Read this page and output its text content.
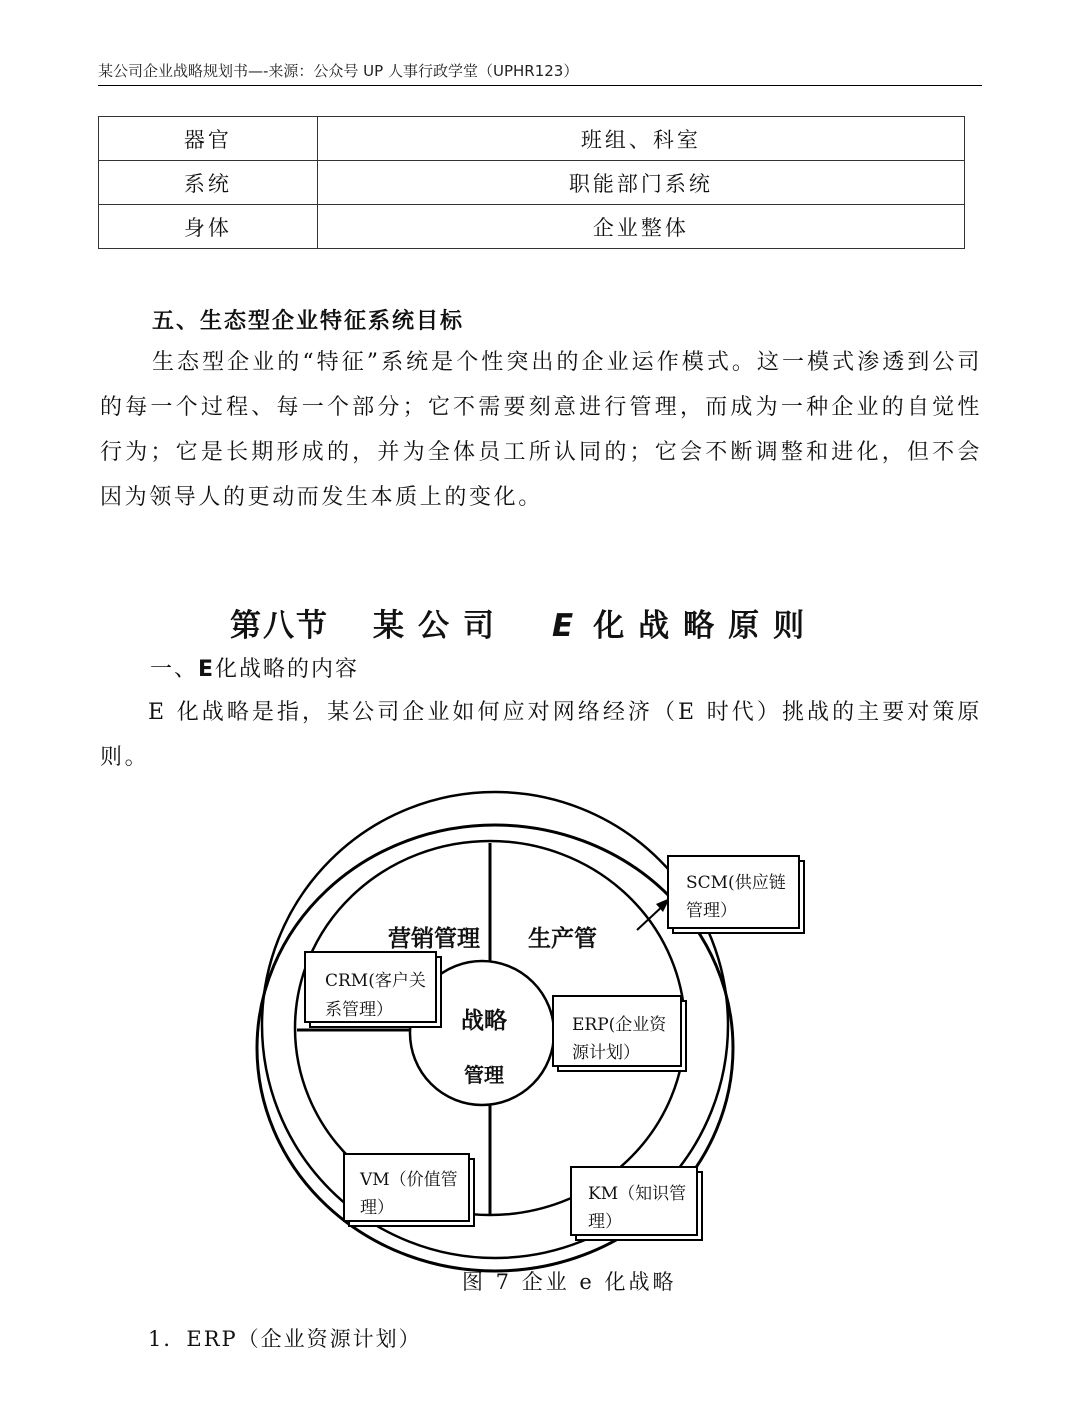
某公司企业战略规划书—-来源：公众号 UP 人事行政学堂（UPHR123）
器官	班组、科室
系统	职能部门系统
身体	企业整体
五、生态型企业特征系统目标

生态型企业的“特征”系统是个性突出的企业运作模式。这一模式渗透到公司的每一个过程、每一个部分；它不需要刻意进行管理，而成为一种企业的自觉性行为；它是长期形成的，并为全体员工所认同的；它会不断调整和进化，但不会因为领导人的更动而发生本质上的变化。

第八节 某公司 E 化战略原则
一、E化战略的内容

E 化战略是指，某公司企业如何应对网络经济（E 时代）挑战的主要对策原则。

战略
管理
营销管理 生产管
SCM(供应链
管理）
CRM(客户关
系管理）
ERP(企业资
源计划）
VM（价值管
理）
KM（知识管
理）
图 7 企业 e 化战略
1．ERP（企业资源计划）
